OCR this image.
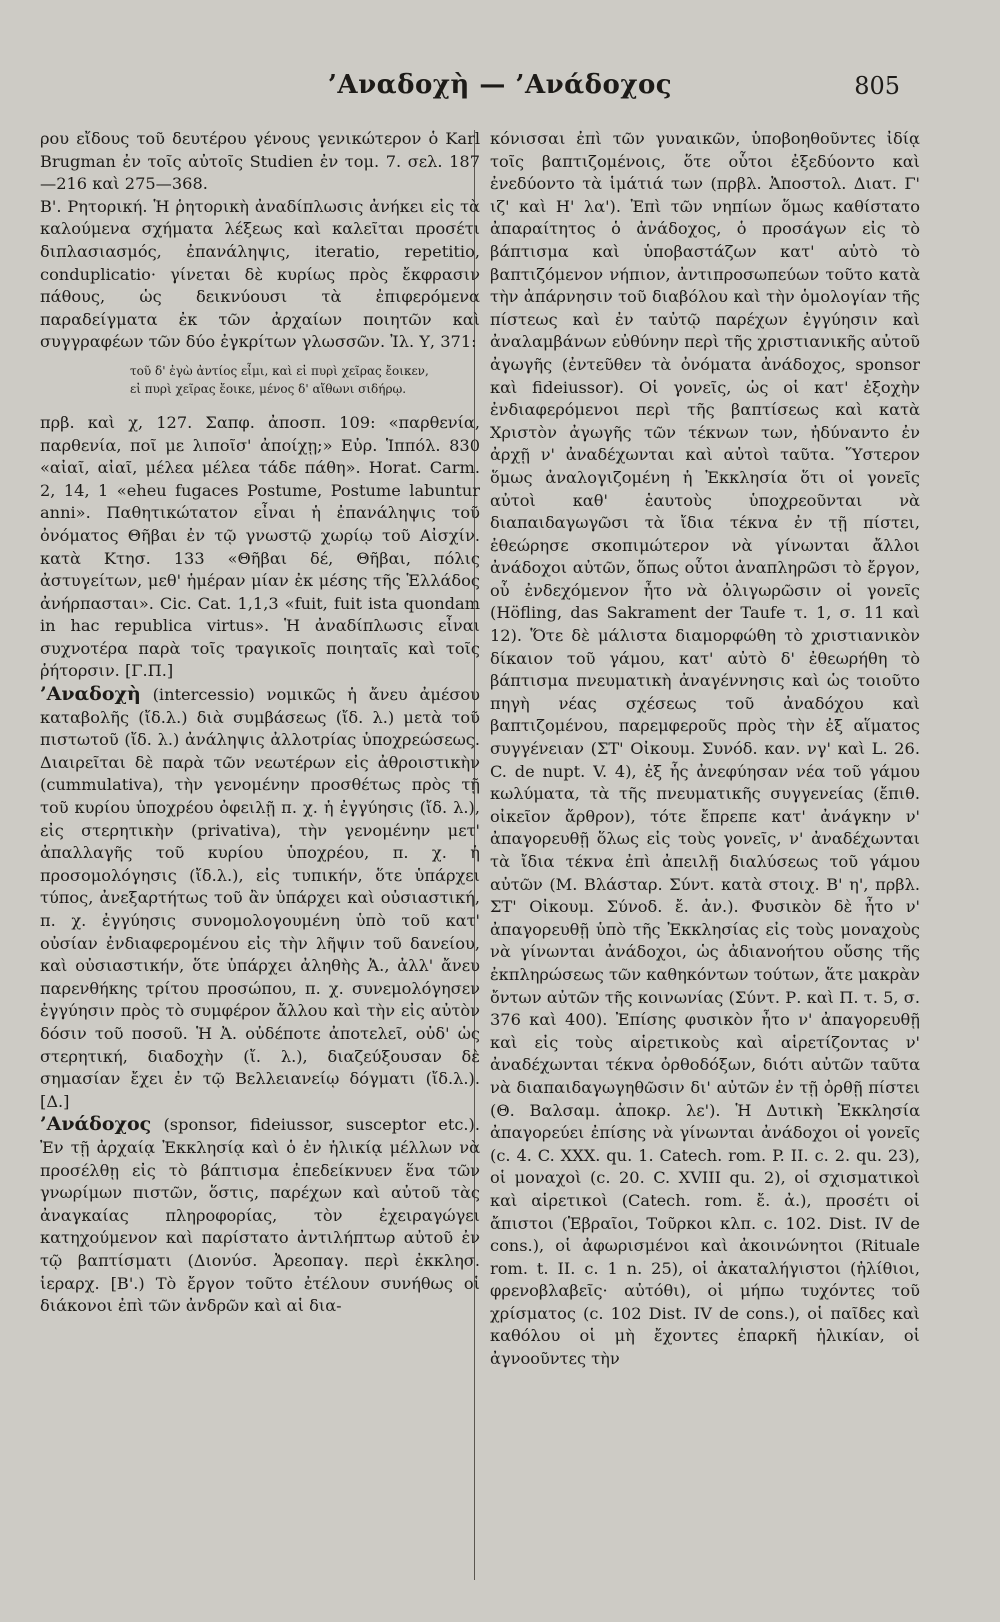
’Αναδοχὴ — ’Ανάδοχος	805

ρου εἴδους τοῦ δευτέρου γένους γενικώτερον ὁ Karl Brugman ἐν τοῖς αὐτοῖς Studien ἐν τομ. 7. σελ. 187—216 καὶ 275—368.

Β'. Ρητορική. Ἡ ῥητορικὴ ἀναδίπλωσις ἀνήκει εἰς τὰ καλούμενα σχήματα λέξεως καὶ καλεῖται προσέτι διπλασιασμός, ἐπανάληψις, iteratio, repetitio, conduplicatio· γίνεται δὲ κυρίως πρὸς ἔκφρασιν πάθους, ὡς δεικνύουσι τὰ ἐπιφερόμενα παραδείγματα ἐκ τῶν ἀρχαίων ποιητῶν καὶ συγγραφέων τῶν δύο ἐγκρίτων γλωσσῶν. Ἰλ. Υ, 371:

τοῦ δ' ἐγὼ ἀντίος εἶμι, καὶ εἰ πυρὶ χεῖρας ἔοικεν,
εἰ πυρὶ χεῖρας ἔοικε, μένος δ' αἴθωνι σιδήρῳ.

πρβ. καὶ χ, 127. Σαπφ. ἀποσπ. 109: «παρθενία, παρθενία, ποῖ με λιποῖσ' ἀποίχῃ;» Εὐρ. Ἱππόλ. 830 «αἰαῖ, αἰαῖ, μέλεα μέλεα τάδε πάθη». Horat. Carm. 2, 14, 1 «eheu fugaces Postume, Postume labuntur anni». Παθητικώτατον εἶναι ἡ ἐπανάληψις τοῦ ὀνόματος Θῆβαι ἐν τῷ γνωστῷ χωρίῳ τοῦ Αἰσχίν. κατὰ Κτησ. 133 «Θῆβαι δέ, Θῆβαι, πόλις ἀστυγείτων, μεθ' ἡμέραν μίαν ἐκ μέσης τῆς Ἑλλάδος ἀνήρπασται». Cic. Cat. 1,1,3 «fuit, fuit ista quondam in hac republica virtus». Ἡ ἀναδίπλωσις εἶναι συχνοτέρα παρὰ τοῖς τραγικοῖς ποιηταῖς καὶ τοῖς ῥήτορσιν. [Γ.Π.]

’Αναδοχὴ (intercessio) νομικῶς ἡ ἄνευ ἀμέσου καταβολῆς (ἴδ.λ.) διὰ συμβάσεως (ἴδ. λ.) μετὰ τοῦ πιστωτοῦ (ἴδ. λ.) ἀνάληψις ἀλλοτρίας ὑποχρεώσεως. Διαιρεῖται δὲ παρὰ τῶν νεωτέρων εἰς ἀθροιστικὴν (cummulativa), τὴν γενομένην προσθέτως πρὸς τῇ τοῦ κυρίου ὑποχρέου ὀφειλῇ π. χ. ἡ ἐγγύησις (ἴδ. λ.), εἰς στερητικὴν (privativa), τὴν γενομένην μετ' ἀπαλλαγῆς τοῦ κυρίου ὑποχρέου, π. χ. ἡ προσομολόγησις (ἴδ.λ.), εἰς τυπικήν, ὅτε ὑπάρχει τύπος, ἀνεξαρτήτως τοῦ ἂν ὑπάρχει καὶ οὐσιαστική, π. χ. ἐγγύησις συνομολογουμένη ὑπὸ τοῦ κατ' οὐσίαν ἐνδιαφερομένου εἰς τὴν λῆψιν τοῦ δανείου, καὶ οὐσιαστικήν, ὅτε ὑπάρχει ἀληθὴς Ἀ., ἀλλ' ἄνευ παρενθήκης τρίτου προσώπου, π. χ. συνεμολόγησεν ἐγγύησιν πρὸς τὸ συμφέρον ἄλλου καὶ τὴν εἰς αὐτὸν δόσιν τοῦ ποσοῦ. Ἡ Ἀ. οὐδέποτε ἀποτελεῖ, οὐδ' ὡς στερητική, διαδοχὴν (ἴ. λ.), διαζεύξουσαν δὲ σημασίαν ἔχει ἐν τῷ Βελλειανείῳ δόγματι (ἴδ.λ.). [Δ.]

’Ανάδοχος (sponsor, fideiussor, susceptor etc.). Ἐν τῇ ἀρχαίᾳ Ἐκκλησίᾳ καὶ ὁ ἐν ἡλικίᾳ μέλλων νὰ προσέλθῃ εἰς τὸ βάπτισμα ἐπεδείκνυεν ἕνα τῶν γνωρίμων πιστῶν, ὅστις, παρέχων καὶ αὐτοῦ τὰς ἀναγκαίας πληροφορίας, τὸν ἐχειραγώγει κατηχούμενον καὶ παρίστατο ἀντιλήπτωρ αὐτοῦ ἐν τῷ βαπτίσματι (Διονύσ. Ἀρεοπαγ. περὶ ἐκκλησ. ἱεραρχ. [Β'.) Τὸ ἔργον τοῦτο ἐτέλουν συνήθως οἱ διάκονοι ἐπὶ τῶν ἀνδρῶν καὶ αἱ δια-

κόνισσαι ἐπὶ τῶν γυναικῶν, ὑποβοηθοῦντες ἰδίᾳ τοῖς βαπτιζομένοις, ὅτε οὗτοι ἐξεδύοντο καὶ ἐνεδύοντο τὰ ἱμάτιά των (πρβλ. Ἀποστολ. Διατ. Γ' ιζ' καὶ Η' λα'). Ἐπὶ τῶν νηπίων ὅμως καθίστατο ἀπαραίτητος ὁ ἀνάδοχος, ὁ προσάγων εἰς τὸ βάπτισμα καὶ ὑποβαστάζων κατ' αὐτὸ τὸ βαπτιζόμενον νήπιον, ἀντιπροσωπεύων τοῦτο κατὰ τὴν ἀπάρνησιν τοῦ διαβόλου καὶ τὴν ὁμολογίαν τῆς πίστεως καὶ ἐν ταὐτῷ παρέχων ἐγγύησιν καὶ ἀναλαμβάνων εὐθύνην περὶ τῆς χριστιανικῆς αὐτοῦ ἀγωγῆς (ἐντεῦθεν τὰ ὀνόματα ἀνάδοχος, sponsor καὶ fideiussor). Οἱ γονεῖς, ὡς οἱ κατ' ἐξοχὴν ἐνδιαφερόμενοι περὶ τῆς βαπτίσεως καὶ κατὰ Χριστὸν ἀγωγῆς τῶν τέκνων των, ἠδύναντο ἐν ἀρχῇ ν' ἀναδέχωνται καὶ αὐτοὶ ταῦτα. Ὕστερον ὅμως ἀναλογιζομένη ἡ Ἐκκλησία ὅτι οἱ γονεῖς αὐτοὶ καθ' ἑαυτοὺς ὑποχρεοῦνται νὰ διαπαιδαγωγῶσι τὰ ἴδια τέκνα ἐν τῇ πίστει, ἐθεώρησε σκοπιμώτερον νὰ γίνωνται ἄλλοι ἀνάδοχοι αὐτῶν, ὅπως οὗτοι ἀναπληρῶσι τὸ ἔργον, οὗ ἐνδεχόμενον ἦτο νὰ ὀλιγωρῶσιν οἱ γονεῖς (Höfling, das Sakrament der Taufe τ. 1, σ. 11 καὶ 12). Ὅτε δὲ μάλιστα διαμορφώθη τὸ χριστιανικὸν δίκαιον τοῦ γάμου, κατ' αὐτὸ δ' ἐθεωρήθη τὸ βάπτισμα πνευματικὴ ἀναγέννησις καὶ ὡς τοιοῦτο πηγὴ νέας σχέσεως τοῦ ἀναδόχου καὶ βαπτιζομένου, παρεμφεροῦς πρὸς τὴν ἐξ αἵματος συγγένειαν (ΣΤ' Οἰκουμ. Συνόδ. καν. νγ' καὶ L. 26. C. de nupt. V. 4), ἐξ ἧς ἀνεφύησαν νέα τοῦ γάμου κωλύματα, τὰ τῆς πνευματικῆς συγγενείας (ἔπιθ. οἰκεῖον ἄρθρον), τότε ἔπρεπε κατ' ἀνάγκην ν' ἀπαγορευθῇ ὅλως εἰς τοὺς γονεῖς, ν' ἀναδέχωνται τὰ ἴδια τέκνα ἐπὶ ἀπειλῇ διαλύσεως τοῦ γάμου αὐτῶν (Μ. Βλάσταρ. Σύντ. κατὰ στοιχ. Β' η', πρβλ. ΣΤ' Οἰκουμ. Σύνοδ. ἔ. ἀν.). Φυσικὸν δὲ ἦτο ν' ἀπαγορευθῇ ὑπὸ τῆς Ἐκκλησίας εἰς τοὺς μοναχοὺς νὰ γίνωνται ἀνάδοχοι, ὡς ἀδιανοήτου οὔσης τῆς ἐκπληρώσεως τῶν καθηκόντων τούτων, ἅτε μακρὰν ὄντων αὐτῶν τῆς κοινωνίας (Σύντ. Ρ. καὶ Π. τ. 5, σ. 376 καὶ 400). Ἐπίσης φυσικὸν ἦτο ν' ἀπαγορευθῇ καὶ εἰς τοὺς αἱρετικοὺς καὶ αἱρετίζοντας ν' ἀναδέχωνται τέκνα ὀρθοδόξων, διότι αὐτῶν ταῦτα νὰ διαπαιδαγωγηθῶσιν δι' αὐτῶν ἐν τῇ ὀρθῇ πίστει (Θ. Βαλσαμ. ἀποκρ. λε'). Ἡ Δυτικὴ Ἐκκλησία ἀπαγορεύει ἐπίσης νὰ γίνωνται ἀνάδοχοι οἱ γονεῖς (c. 4. C. XXX. qu. 1. Catech. rom. P. II. c. 2. qu. 23), οἱ μοναχοὶ (c. 20. C. XVIII qu. 2), οἱ σχισματικοὶ καὶ αἱρετικοὶ (Catech. rom. ἔ. ἀ.), προσέτι οἱ ἄπιστοι (Ἑβραῖοι, Τοῦρκοι κλπ. c. 102. Dist. IV de cons.), οἱ ἀφωρισμένοι καὶ ἀκοινώνητοι (Rituale rom. t. II. c. 1 n. 25), οἱ ἀκαταλήγιστοι (ἠλίθιοι, φρενοβλαβεῖς· αὐτόθι), οἱ μήπω τυχόντες τοῦ χρίσματος (c. 102 Dist. IV de cons.), οἱ παῖδες καὶ καθόλου οἱ μὴ ἔχοντες ἐπαρκῆ ἡλικίαν, οἱ ἀγνοοῦντες τὴν
